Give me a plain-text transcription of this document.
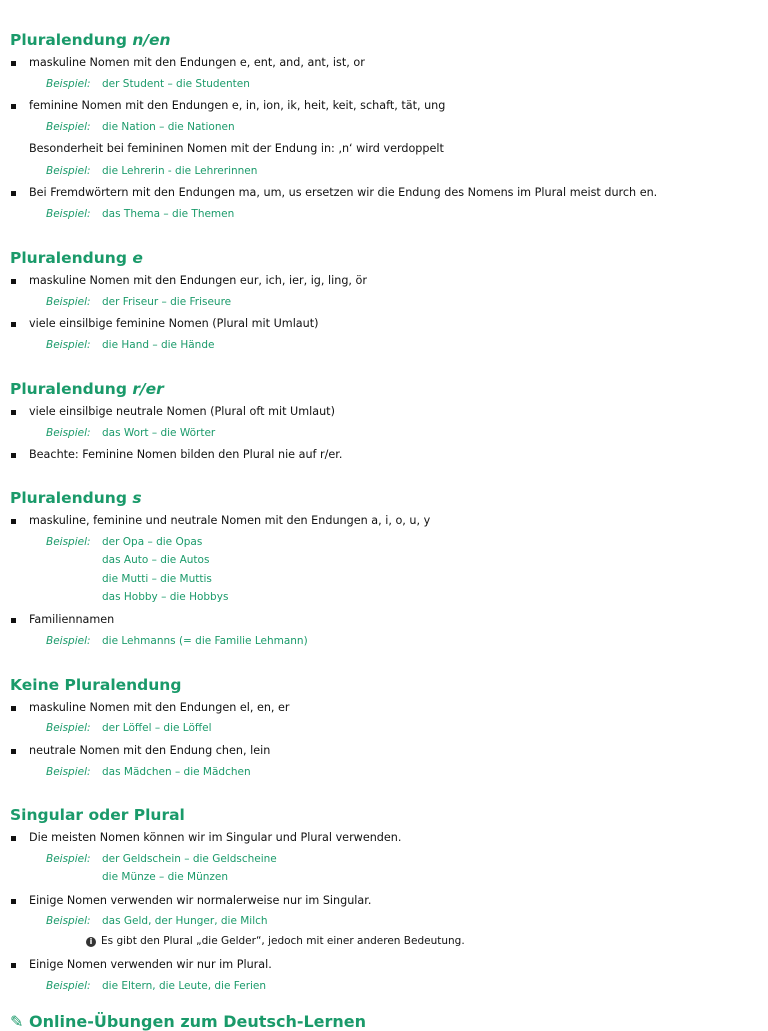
Pluralendung n/en
maskuline Nomen mit den Endungen e, ent, and, ant, ist, or
Beispiel: der Student – die Studenten
feminine Nomen mit den Endungen e, in, ion, ik, heit, keit, schaft, tät, ung
Beispiel: die Nation – die Nationen
Besonderheit bei femininen Nomen mit der Endung in: ‚n‘ wird verdoppelt
Beispiel: die Lehrerin - die Lehrerinnen
Bei Fremdwörtern mit den Endungen ma, um, us ersetzen wir die Endung des Nomens im Plural meist durch en.
Beispiel: das Thema – die Themen
Pluralendung e
maskuline Nomen mit den Endungen eur, ich, ier, ig, ling, ör
Beispiel: der Friseur – die Friseure
viele einsilbige feminine Nomen (Plural mit Umlaut)
Beispiel: die Hand – die Hände
Pluralendung r/er
viele einsilbige neutrale Nomen (Plural oft mit Umlaut)
Beispiel: das Wort – die Wörter
Beachte: Feminine Nomen bilden den Plural nie auf r/er.
Pluralendung s
maskuline, feminine und neutrale Nomen mit den Endungen a, i, o, u, y
Beispiel: der Opa – die Opas
das Auto – die Autos
die Mutti – die Muttis
das Hobby – die Hobbys
Familiennamen
Beispiel: die Lehmanns (= die Familie Lehmann)
Keine Pluralendung
maskuline Nomen mit den Endungen el, en, er
Beispiel: der Löffel – die Löffel
neutrale Nomen mit den Endung chen, lein
Beispiel: das Mädchen – die Mädchen
Singular oder Plural
Die meisten Nomen können wir im Singular und Plural verwenden.
Beispiel: der Geldschein – die Geldscheine
die Münze – die Münzen
Einige Nomen verwenden wir normalerweise nur im Singular.
Beispiel: das Geld, der Hunger, die Milch
i Es gibt den Plural „die Gelder“, jedoch mit einer anderen Bedeutung.
Einige Nomen verwenden wir nur im Plural.
Beispiel: die Eltern, die Leute, die Ferien
✎ Online-Übungen zum Deutsch-Lernen
